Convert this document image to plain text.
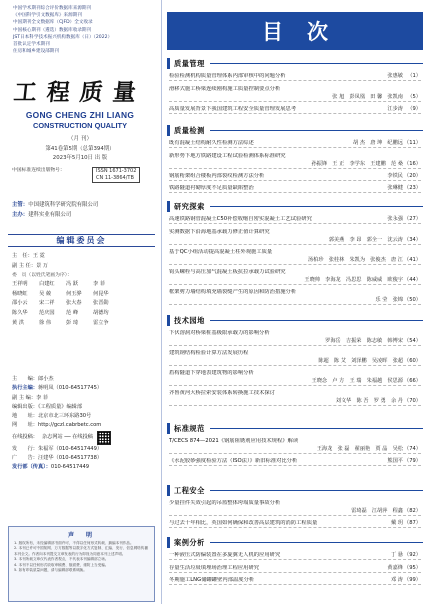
中国学术期刊综合评价数据库来源期刊
《中国科学引文数据库》来源期刊
中国期刊全文数据库（CJFD）全文收录
中国核心期刊（遴选）数据库收录期刊
JST日本科学技术振兴机构数据库（日）（2022）
首批认定学术期刊
住房和城乡建设部期刊
工程质量
GONG CHENG ZHI LIANG
CONSTRUCTION QUALITY
（月 刊）
第41卷第5期（总第394期）
2023年5月10日 出 版
中国标准连续出版物号：	ISSN 1671-3702
CN 11-3864/TB
主管：中国建筑科学研究院有限公司
主办：建科实业有限公司
编辑委员会
主　任：王 霓
副 主 任：景 万
委　员（以姓氏笔画为序）：
王祥明	白建红	冯 跃	李 菲
杨晓虹	吴 兢	何玉骅	何昆华
邵小云	宋二祥	张大春	张晋勋
陈久华	范庆国	范 峰	胡德均
黄 洪	徐 伟	彭 琦	雷立争
主　　编：郎小杰
执行主编：蒋明凤（010-64517745）
副 主 编：李 菲
编辑出版：《工程质量》编辑部
地　　址：北京市北三环东路30号
网　　址：http://gczl.cabrbetc.com
在线投稿： 杂志网站 ── 在线投稿
发　　行：朱福军（010-64517449）
广　　告：汪建华（010-64517738）
发行部（传真）：010-64517449
声　明
1. 版权所有，未经编辑部书面许可，不得以任何形式转载、摘编本刊作品。
2. 本刊已许可中国知网、万方数据等以数字化方式复制、汇编、发行、信息网络传播
本刊全文。作者向本刊提交文章发表的行为即视为同意本刊上述声明。
3. 本刊所载文章仅代表作者观点，不代表本刊编辑部立场。
4. 本刊不以任何形式收取审稿费、版面费，谨防上当受骗。
5. 如有印装质量问题，请与编辑部联系调换。
目次
质量管理
检验检测机构质量管理体系内部审核中的问题分析	张惠敏 （1）
滑移式施工桥梁连续刚构施工质量控制要点分析
张 旭　彭凤凰　田 馨　张凯南 （5）
高质量发展背景下我国建筑工程安全质量管理发展思考	江步涛 （9）
质量检测
既有混凝土结构耐久性检测方法综述	胡 杰　唐 坤　纪鹏远 （11）
新形势下地方铁路建设工程试验检测体系标准研究
孙振锋　王 正　李学东　王建鹏　范 桑 （16）
钢筋桁架组合楼板内部裂纹检测方法分析	李铁民 （20）
铁路隧道衬砌厚度不足质量缺陷整治	张琳健 （23）
研究探索
高速铁路钢管混凝土C50补偿收缩自密实混凝土工艺试验研究	张永强 （27）
实测数据下沿海地基承载力修正值计算研究
郭美燕　李 昂　郭全一　沈云涛 （34）
基于QC小组活动提高混凝土柱外观施工质量
汤柏珍　张桂林　朱凯为　张俊杰　唐 江 （41）
钩头螺栓与高压加气混凝土板抗拉承载力试验研究
王晓帅　李海龙　冯思思　陈威威　欧俊宇 （44）
框架剪力墙结构填充墙裂缝产生的原因和防治措施分析
乐 莹　张锦 （50）
技术园地
下伏溶洞对桥梁桩基极限承载力的影响分析
罗海岳　吉振荣　陈志敏　韩博宋 （54）
建筑钢结构检验计算方法发展历程
陈超　陈 艾　刘泽鹏　吴凌晖　张超 （60）
盾构隧道下穿地表建筑物的影响分析
王晓念　卢 方　王 瑞　朱福越　侯思源 （66）
齐鲁黄河大桥拉索安装体系转换施工技术探讨
刘文华　陈 吾　罗 勇　余 丹 （70）
标准规范
T/CECS 874—2021《钢筋阻锈剂应用技术规程》解读
王海龙　张 磊　翟丽艳　贾 晶　吴松 （74）
《水泥胶砂强度检验方法（ISO法）》新旧标准对比分析	熊国平 （79）
工程安全
少量挂件失效引起的吊篮整体垮塌质量事故分析
雷琦磊　江胡萍　程鑫 （82）
与过去十年相比，英国如何确保和改善高层建筑的消防工程质量	戴 玥 （87）
案例分析
一种液压式防偏装置在多旋翼无人机的应用研究	丁 悬 （92）
存量生活垃圾填埋场治理工程应用研究	黄嘉烽 （95）
冬期施工LNG储罐罐壁内部温度分析	邓 涛 （99）
